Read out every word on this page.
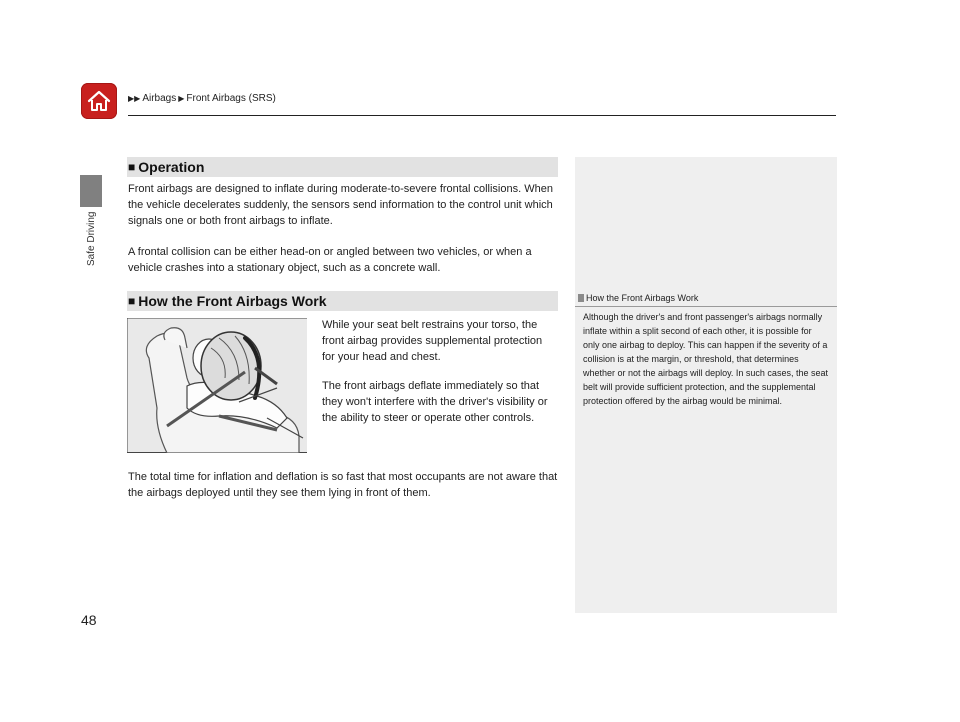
▶▶ Airbags ▶ Front Airbags (SRS)
Safe Driving
■ Operation

Front airbags are designed to inflate during moderate-to-severe frontal collisions. When the vehicle decelerates suddenly, the sensors send information to the control unit which signals one or both front airbags to inflate.

A frontal collision can be either head-on or angled between two vehicles, or when a vehicle crashes into a stationary object, such as a concrete wall.

■ How the Front Airbags Work

While your seat belt restrains your torso, the front airbag provides supplemental protection for your head and chest.

The front airbags deflate immediately so that they won't interfere with the driver's visibility or the ability to steer or operate other controls.

The total time for inflation and deflation is so fast that most occupants are not aware that the airbags deployed until they see them lying in front of them.

How the Front Airbags Work

Although the driver's and front passenger's airbags normally inflate within a split second of each other, it is possible for only one airbag to deploy. This can happen if the severity of a collision is at the margin, or threshold, that determines whether or not the airbags will deploy. In such cases, the seat belt will provide sufficient protection, and the supplemental protection offered by the airbag would be minimal.

48
